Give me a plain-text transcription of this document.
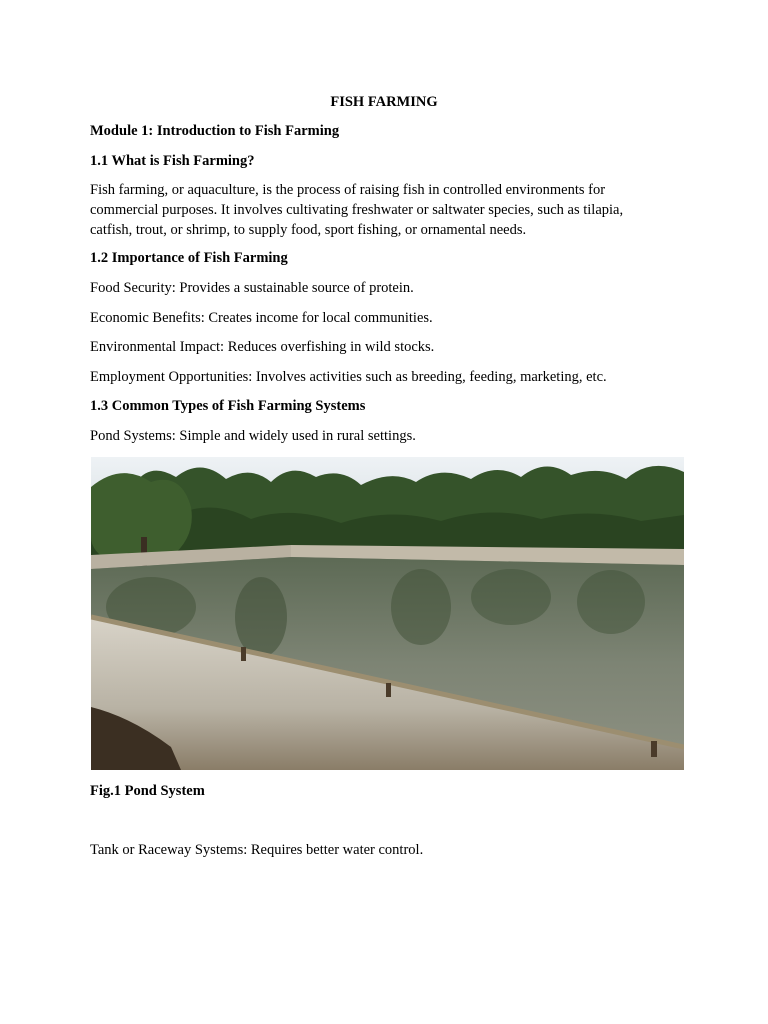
FISH FARMING
Module 1: Introduction to Fish Farming
1.1 What is Fish Farming?
Fish farming, or aquaculture, is the process of raising fish in controlled environments for commercial purposes. It involves cultivating freshwater or saltwater species, such as tilapia, catfish, trout, or shrimp, to supply food, sport fishing, or ornamental needs.
1.2 Importance of Fish Farming
Food Security: Provides a sustainable source of protein.
Economic Benefits: Creates income for local communities.
Environmental Impact: Reduces overfishing in wild stocks.
Employment Opportunities: Involves activities such as breeding, feeding, marketing, etc.
1.3 Common Types of Fish Farming Systems
Pond Systems: Simple and widely used in rural settings.
Fig.1 Pond System
Tank or Raceway Systems: Requires better water control.
